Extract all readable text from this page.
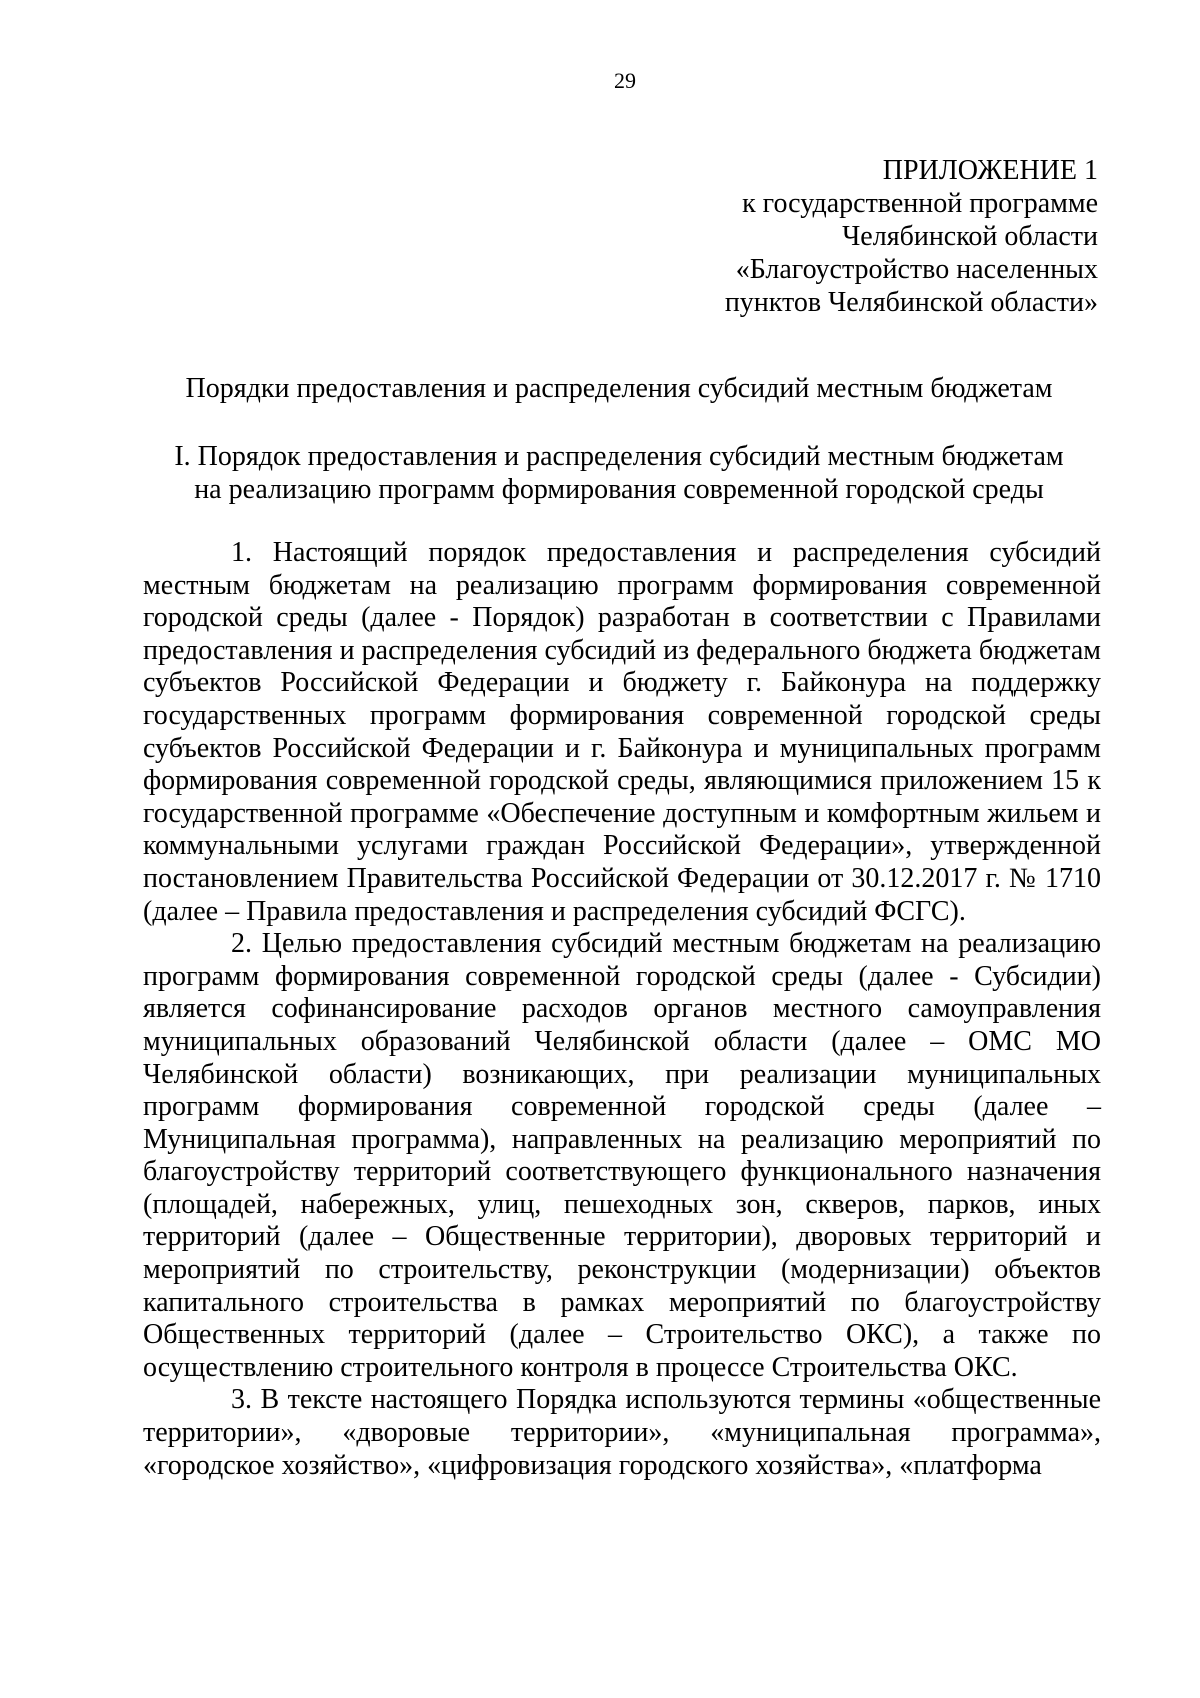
29
ПРИЛОЖЕНИЕ 1
к государственной программе
Челябинской области
«Благоустройство населенных
пунктов Челябинской области»
Порядки предоставления и распределения субсидий местным бюджетам
I. Порядок предоставления и распределения субсидий местным бюджетам
на реализацию программ формирования современной городской среды

1. Настоящий порядок предоставления и распределения субсидий местным бюджетам на реализацию программ формирования современной городской среды (далее - Порядок) разработан в соответствии с Правилами предоставления и распределения субсидий из федерального бюджета бюджетам субъектов Российской Федерации и бюджету г. Байконура на поддержку государственных программ формирования современной городской среды субъектов Российской Федерации и г. Байконура и муниципальных программ формирования современной городской среды, являющимися приложением 15 к государственной программе «Обеспечение доступным и комфортным жильем и коммунальными услугами граждан Российской Федерации», утвержденной постановлением Правительства Российской Федерации от 30.12.2017 г. № 1710 (далее – Правила предоставления и распределения субсидий ФСГС).

2. Целью предоставления субсидий местным бюджетам на реализацию программ формирования современной городской среды (далее - Субсидии) является софинансирование расходов органов местного самоуправления муниципальных образований Челябинской области (далее – ОМС МО Челябинской области) возникающих, при реализации муниципальных программ формирования современной городской среды (далее – Муниципальная программа), направленных на реализацию мероприятий по благоустройству территорий соответствующего функционального назначения (площадей, набережных, улиц, пешеходных зон, скверов, парков, иных территорий (далее – Общественные территории), дворовых территорий и мероприятий по строительству, реконструкции (модернизации) объектов капитального строительства в рамках мероприятий по благоустройству Общественных территорий (далее – Строительство ОКС), а также по осуществлению строительного контроля в процессе Строительства ОКС.

3. В тексте настоящего Порядка используются термины «общественные территории», «дворовые территории», «муниципальная программа», «городское хозяйство», «цифровизация городского хозяйства», «платформа
